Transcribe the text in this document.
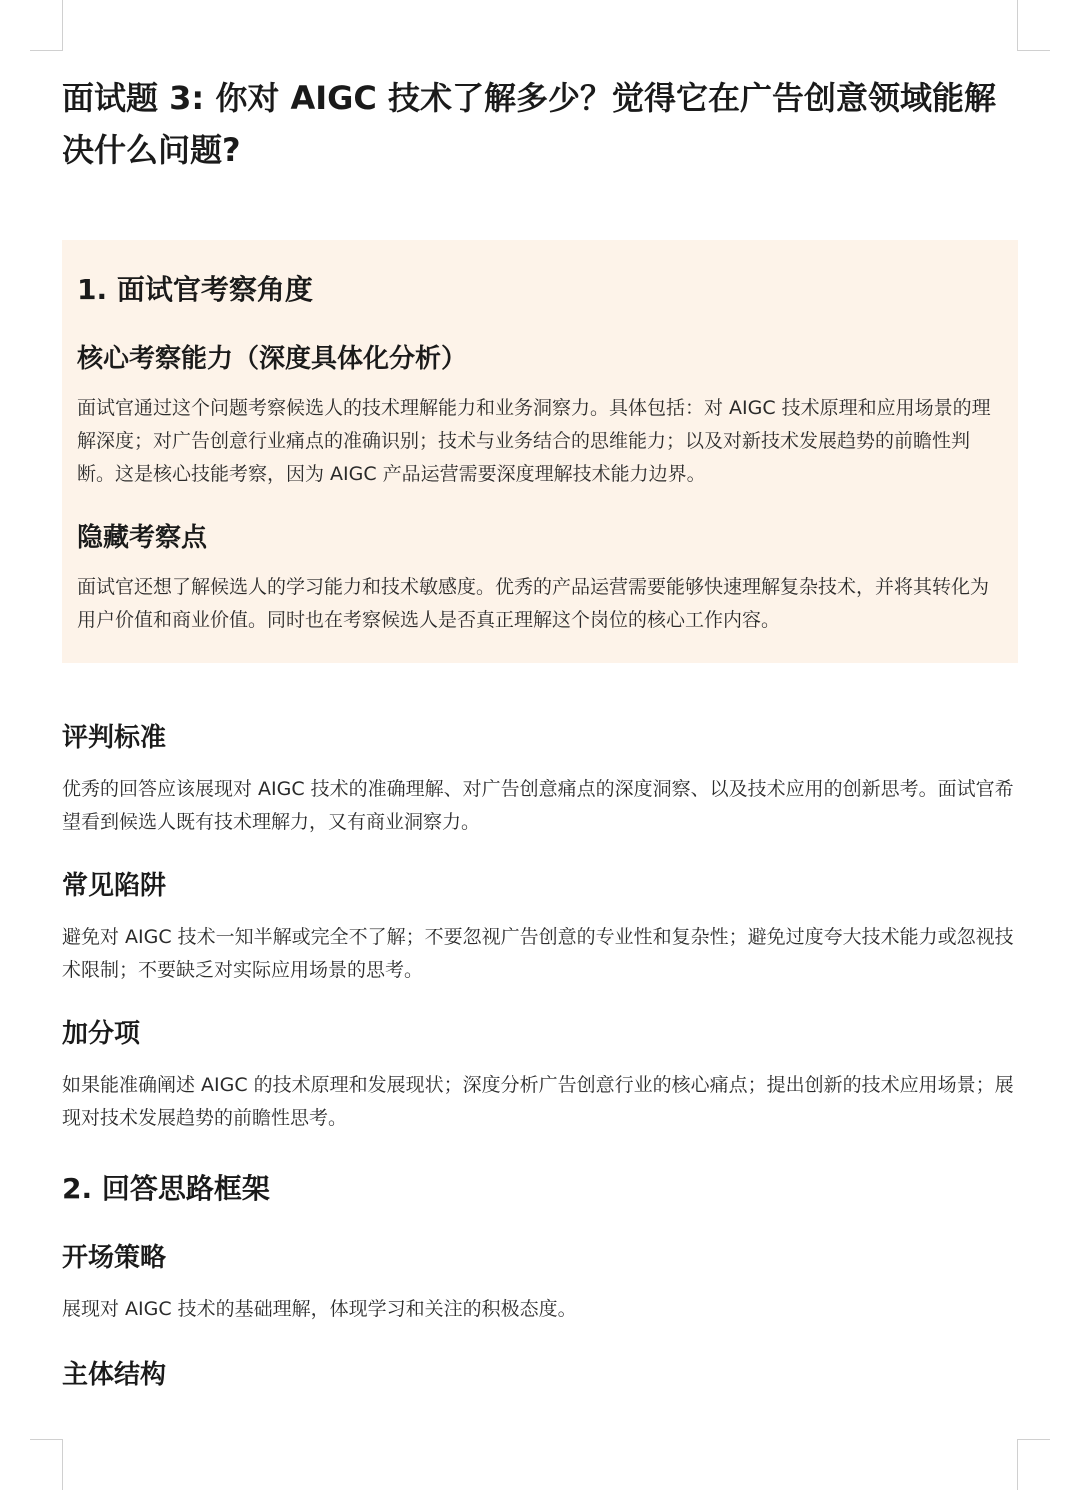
面试题 3: 你对 AIGC 技术了解多少？觉得它在广告创意领域能解决什么问题?
1. 面试官考察角度
核心考察能力（深度具体化分析）

面试官通过这个问题考察候选人的技术理解能力和业务洞察力。具体包括：对 AIGC 技术原理和应用场景的理解深度；对广告创意行业痛点的准确识别；技术与业务结合的思维能力；以及对新技术发展趋势的前瞻性判断。这是核心技能考察，因为 AIGC 产品运营需要深度理解技术能力边界。

隐藏考察点

面试官还想了解候选人的学习能力和技术敏感度。优秀的产品运营需要能够快速理解复杂技术，并将其转化为用户价值和商业价值。同时也在考察候选人是否真正理解这个岗位的核心工作内容。

评判标准

优秀的回答应该展现对 AIGC 技术的准确理解、对广告创意痛点的深度洞察、以及技术应用的创新思考。面试官希望看到候选人既有技术理解力，又有商业洞察力。

常见陷阱

避免对 AIGC 技术一知半解或完全不了解；不要忽视广告创意的专业性和复杂性；避免过度夸大技术能力或忽视技术限制；不要缺乏对实际应用场景的思考。

加分项

如果能准确阐述 AIGC 的技术原理和发展现状；深度分析广告创意行业的核心痛点；提出创新的技术应用场景；展现对技术发展趋势的前瞻性思考。

2. 回答思路框架
开场策略

展现对 AIGC 技术的基础理解，体现学习和关注的积极态度。

主体结构
